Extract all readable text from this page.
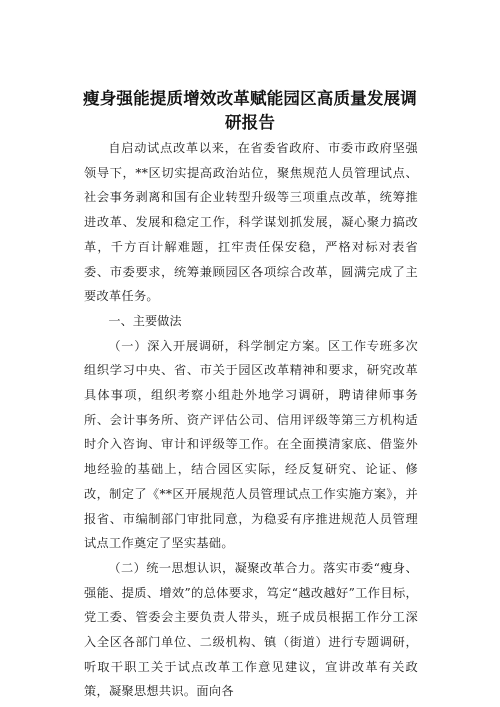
瘦身强能提质增效改革赋能园区高质量发展调研报告

自启动试点改革以来，在省委省政府、市委市政府坚强领导下，**区切实提高政治站位，聚焦规范人员管理试点、社会事务剥离和国有企业转型升级等三项重点改革，统筹推进改革、发展和稳定工作，科学谋划抓发展，凝心聚力搞改革，千方百计解难题，扛牢责任保安稳，严格对标对表省委、市委要求，统筹兼顾园区各项综合改革，圆满完成了主要改革任务。

一、主要做法

（一）深入开展调研，科学制定方案。区工作专班多次组织学习中央、省、市关于园区改革精神和要求，研究改革具体事项，组织考察小组赴外地学习调研，聘请律师事务所、会计事务所、资产评估公司、信用评级等第三方机构适时介入咨询、审计和评级等工作。在全面摸清家底、借鉴外地经验的基础上，结合园区实际，经反复研究、论证、修改，制定了《**区开展规范人员管理试点工作实施方案》，并报省、市编制部门审批同意，为稳妥有序推进规范人员管理试点工作奠定了坚实基础。

（二）统一思想认识，凝聚改革合力。落实市委“瘦身、强能、提质、增效”的总体要求，笃定“越改越好”工作目标，党工委、管委会主要负责人带头，班子成员根据工作分工深入全区各部门单位、二级机构、镇（街道）进行专题调研，听取干职工关于试点改革工作意见建议，宣讲改革有关政策，凝聚思想共识。面向各
